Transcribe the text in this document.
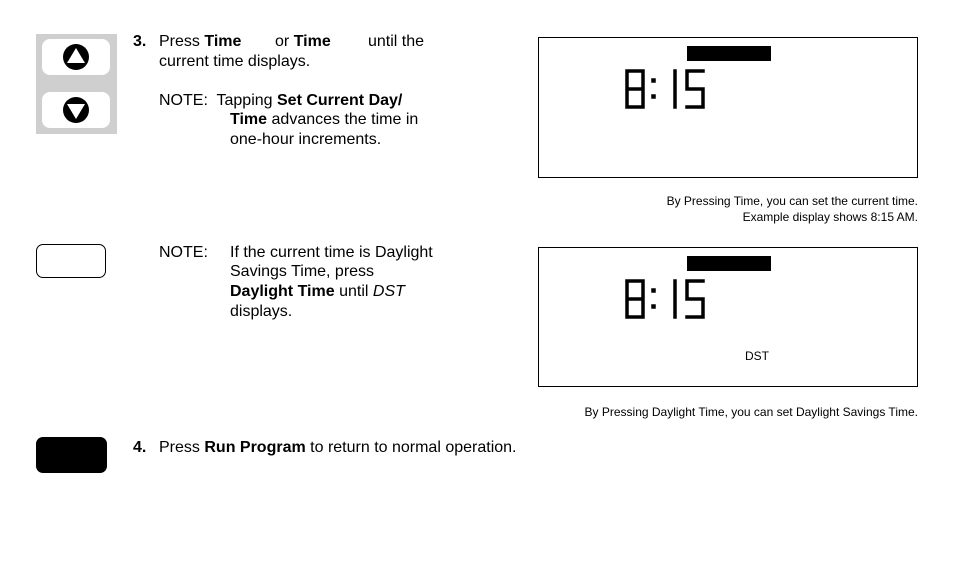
3. Press Time or Time until the
current time displays.
NOTE: Tapping Set Current Day/
Time advances the time in
one-hour increments.
By Pressing Time, you can set the current time.
Example display shows 8:15 AM.
NOTE: If the current time is Daylight
Savings Time, press
Daylight Time until DST
displays.
DST
By Pressing Daylight Time, you can set Daylight Savings Time.
4. Press Run Program to return to normal operation.
